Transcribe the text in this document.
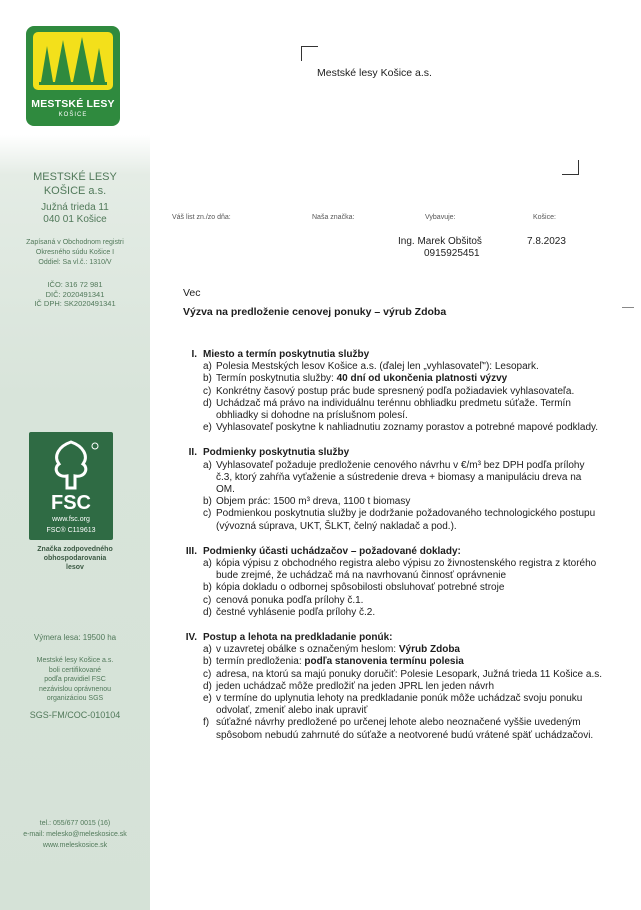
MESTSKÉ LESY
KOŠICE
MESTSKÉ LESY
KOŠICE a.s.
Južná trieda 11
040 01 Košice
Zapísaná v Obchodnom registri
Okresného súdu Košice I
Oddiel: Sa vl.č.: 1310/V
IČO: 316 72 981
DIČ: 2020491341
IČ DPH: SK2020491341
FSC
www.fsc.org
FSC® C119613
Značka zodpovedného
obhospodarovania
lesov
Výmera lesa: 19500 ha
Mestské lesy Košice a.s.
boli certifikované
podľa pravidiel FSC
nezávislou oprávnenou
organizáciou SGS
SGS-FM/COC-010104
tel.: 055/677 0015 (16)
e-mail: melesko@meleskosice.sk
www.meleskosice.sk
Mestské lesy Košice a.s.
Váš list zn./zo dňa:	Naša značka:	Vybavuje:	Košice:
Ing. Marek Obšitoš
0915925451
7.8.2023
Vec
Výzva na predloženie cenovej ponuky – výrub Zdoba
I. Miesto a termín poskytnutia služby
a) Polesia Mestských lesov Košice a.s. (ďalej len „vyhlasovateľ"): Lesopark.
b) Termín poskytnutia služby: 40 dní od ukončenia platnosti výzvy
c) Konkrétny časový postup prác bude spresnený podľa požiadaviek vyhlasovateľa.
d) Uchádzač má právo na individuálnu terénnu obhliadku predmetu súťaže. Termín obhliadky si dohodne na príslušnom polesí.
e) Vyhlasovateľ poskytne k nahliadnutiu zoznamy porastov a potrebné mapové podklady.
II. Podmienky poskytnutia služby
a) Vyhlasovateľ požaduje predloženie cenového návrhu v €/m³ bez DPH podľa prílohy č.3, ktorý zahŕňa vyťaženie a sústredenie dreva + biomasy a manipuláciu dreva na OM.
b) Objem prác: 1500 m³ dreva, 1100 t biomasy
c) Podmienkou poskytnutia služby je dodržanie požadovaného technologického postupu (vývozná súprava, UKT, ŠLKT, čelný nakladač a pod.).
III. Podmienky účasti uchádzačov – požadované doklady:
a) kópia výpisu z obchodného registra alebo výpisu zo živnostenského registra z ktorého bude zrejmé, že uchádzač má na navrhovanú činnosť oprávnenie
b) kópia dokladu o odbornej spôsobilosti obsluhovať potrebné stroje
c) cenová ponuka podľa prílohy č.1.
d) čestné vyhlásenie podľa prílohy č.2.
IV. Postup a lehota na predkladanie ponúk:
a) v uzavretej obálke s označeným heslom: Výrub Zdoba
b) termín predloženia: podľa stanovenia termínu polesia
c) adresa, na ktorú sa majú ponuky doručiť: Polesie Lesopark, Južná trieda 11 Košice a.s.
d) jeden uchádzač môže predložiť na jeden JPRL len jeden návrh
e) v termíne do uplynutia lehoty na predkladanie ponúk môže uchádzač svoju ponuku odvolať, zmeniť alebo inak upraviť
f) súťažné návrhy predložené po určenej lehote alebo neoznačené vyššie uvedeným spôsobom nebudú zahrnuté do súťaže a neotvorené budú vrátené späť uchádzačovi.
